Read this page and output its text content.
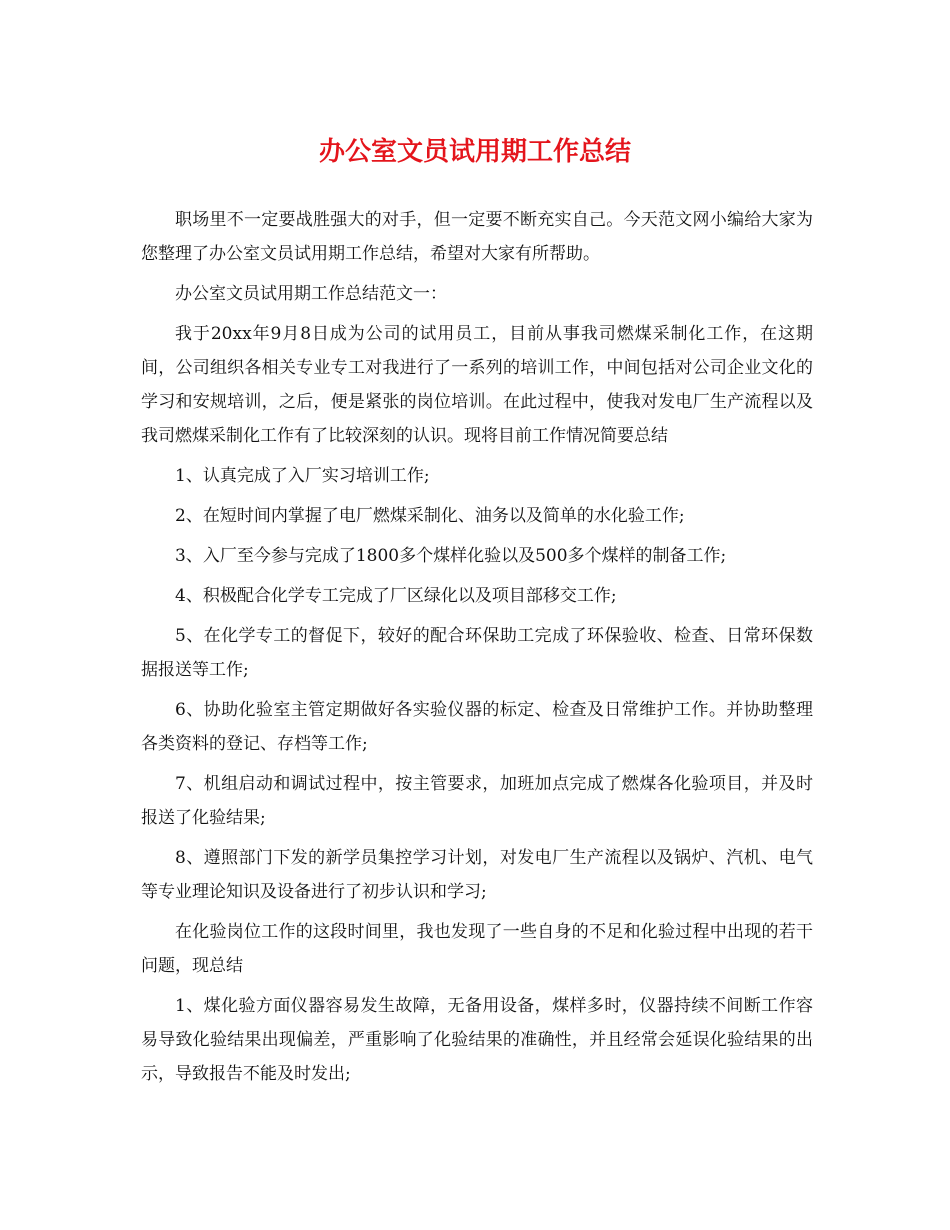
办公室文员试用期工作总结

职场里不一定要战胜强大的对手，但一定要不断充实自己。今天范文网小编给大家为您整理了办公室文员试用期工作总结，希望对大家有所帮助。

办公室文员试用期工作总结范文一：

我于20xx年9月8日成为公司的试用员工，目前从事我司燃煤采制化工作，在这期间，公司组织各相关专业专工对我进行了一系列的培训工作，中间包括对公司企业文化的学习和安规培训，之后，便是紧张的岗位培训。在此过程中，使我对发电厂生产流程以及我司燃煤采制化工作有了比较深刻的认识。现将目前工作情况简要总结

1、认真完成了入厂实习培训工作;

2、在短时间内掌握了电厂燃煤采制化、油务以及简单的水化验工作;

3、入厂至今参与完成了1800多个煤样化验以及500多个煤样的制备工作;

4、积极配合化学专工完成了厂区绿化以及项目部移交工作;

5、在化学专工的督促下，较好的配合环保助工完成了环保验收、检查、日常环保数据报送等工作;

6、协助化验室主管定期做好各实验仪器的标定、检查及日常维护工作。并协助整理各类资料的登记、存档等工作;

7、机组启动和调试过程中，按主管要求，加班加点完成了燃煤各化验项目，并及时报送了化验结果;

8、遵照部门下发的新学员集控学习计划，对发电厂生产流程以及锅炉、汽机、电气等专业理论知识及设备进行了初步认识和学习;

在化验岗位工作的这段时间里，我也发现了一些自身的不足和化验过程中出现的若干问题，现总结

1、煤化验方面仪器容易发生故障，无备用设备，煤样多时，仪器持续不间断工作容易导致化验结果出现偏差，严重影响了化验结果的准确性，并且经常会延误化验结果的出示，导致报告不能及时发出;
